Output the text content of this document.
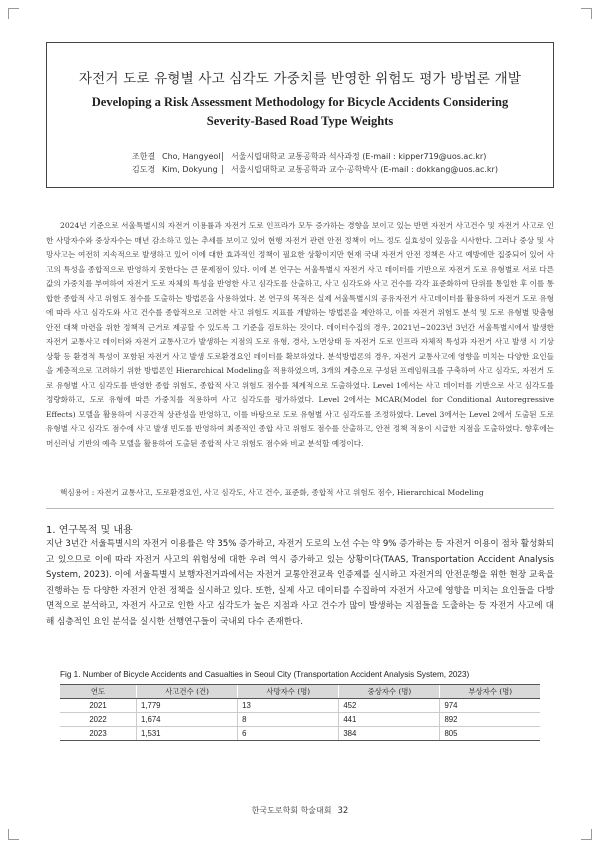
자전거 도로 유형별 사고 심각도 가중치를 반영한 위험도 평가 방법론 개발
Developing a Risk Assessment Methodology for Bicycle Accidents Considering
Severity-Based Road Type Weights
조한결 Cho, Hangyeol 서울시립대학교 교통공학과 석사과정 (E-mail : kipper719@uos.ac.kr)
김도경 Kim, Dokyung	서울시립대학교 교통공학과 교수·공학박사 (E-mail : dokkang@uos.ac.kr)
2024년 기준으로 서울특별시의 자전거 이용률과 자전거 도로 인프라가 모두 증가하는 경향을 보이고 있는 반면 자전거 사고건수 및 자전거 사고로 인한 사망자수와 중상자수는 매년 감소하고 있는 추세를 보이고 있어 현행 자전거 관련 안전 정책이 어느 정도 실효성이 있음을 시사한다. 그러나 중상 및 사망사고는 여전히 지속적으로 발생하고 있어 이에 대한 효과적인 정책이 필요한 상황이지만 현재 국내 자전거 안전 정책은 사고 예방에만 집중되어 있어 사고의 특성을 종합적으로 반영하지 못한다는 큰 문제점이 있다. 이에 본 연구는 서울특별시 자전거 사고 데이터를 기반으로 자전거 도로 유형별로 서로 다른 값의 가중치를 부여하여 자전거 도로 자체의 특성을 반영한 사고 심각도를 산출하고, 사고 심각도와 사고 건수를 각각 표준화하여 단위를 통일한 후 이를 통합한 종합적 사고 위험도 점수를 도출하는 방법론을 사용하였다. 본 연구의 목적은 실제 서울특별시의 공유자전거 사고데이터를 활용하여 자전거 도로 유형에 따라 사고 심각도와 사고 건수를 종합적으로 고려한 사고 위험도 지표를 개발하는 방법론을 제안하고, 이를 자전거 위험도 분석 및 도로 유형별 맞춤형 안전 대책 마련을 위한 정책적 근거로 제공할 수 있도록 그 기준을 검토하는 것이다. 데이터수집의 경우, 2021년~2023년 3년간 서울특별시에서 발생한 자전거 교통사고 데이터와 자전거 교통사고가 발생하는 지점의 도로 유형, 경사, 노면상태 등 자전거 도로 인프라 자체적 특성과 자전거 사고 발생 시 기상상황 등 환경적 특성이 포함된 자전거 사고 발생 도로환경요인 데이터를 확보하였다. 분석방법론의 경우, 자전거 교통사고에 영향을 미치는 다양한 요인들을 계층적으로 고려하기 위한 방법론인 Hierarchical Modeling을 적용하였으며, 3개의 계층으로 구성된 프레임워크를 구축하여 사고 심각도, 자전거 도로 유형별 사고 심각도를 반영한 종합 위험도, 종합적 사고 위험도 점수를 체계적으로 도출하였다. Level 1에서는 사고 데이터를 기반으로 사고 심각도를 정량화하고, 도로 유형에 따른 가중치를 적용하여 사고 심각도를 평가하였다. Level 2에서는 MCAR(Model for Conditional Autoregressive Effects) 모델을 활용하여 시공간적 상관성을 반영하고, 이를 바탕으로 도로 유형별 사고 심각도를 조정하였다. Level 3에서는 Level 2에서 도출된 도로 유형별 사고 심각도 점수에 사고 발생 빈도를 반영하여 최종적인 종합 사고 위험도 점수를 산출하고, 안전 정책 적용이 시급한 지점을 도출하였다. 향후에는 머신러닝 기반의 예측 모델을 활용하여 도출된 종합적 사고 위험도 점수와 비교 분석할 예정이다.
핵심용어 : 자전거 교통사고, 도로환경요인, 사고 심각도, 사고 건수, 표준화, 종합적 사고 위험도 점수, Hierarchical Modeling
1. 연구목적 및 내용
지난 3년간 서울특별시의 자전거 이용률은 약 35% 증가하고, 자전거 도로의 노선 수는 약 9% 증가하는 등 자전거 이용이 점차 활성화되고 있으므로 이에 따라 자전거 사고의 위험성에 대한 우려 역시 증가하고 있는 상황이다(TAAS, Transportation Accident Analysis System, 2023). 이에 서울특별시 보행자전거과에서는 자전거 교통안전교육 인증제를 실시하고 자전거의 안전운행을 위한 현장 교육을 진행하는 등 다양한 자전거 안전 정책을 실시하고 있다. 또한, 실제 사고 데이터를 수집하여 자전거 사고에 영향을 미치는 요인들을 다방면적으로 분석하고, 자전거 사고로 인한 사고 심각도가 높은 지점과 사고 건수가 많이 발생하는 지점들을 도출하는 등 자전거 사고에 대해 심층적인 요인 분석을 실시한 선행연구들이 국내외 다수 존재한다.
Fig 1. Number of Bicycle Accidents and Casualties in Seoul City (Transportation Accident Analysis System, 2023)
연도	사고건수 (건)	사망자수 (명)	중상자수 (명)	부상자수 (명)
2021	1,779	13	452	974
2022	1,674	8	441	892
2023	1,531	6	384	805
한국도로학회 학술대회 32
